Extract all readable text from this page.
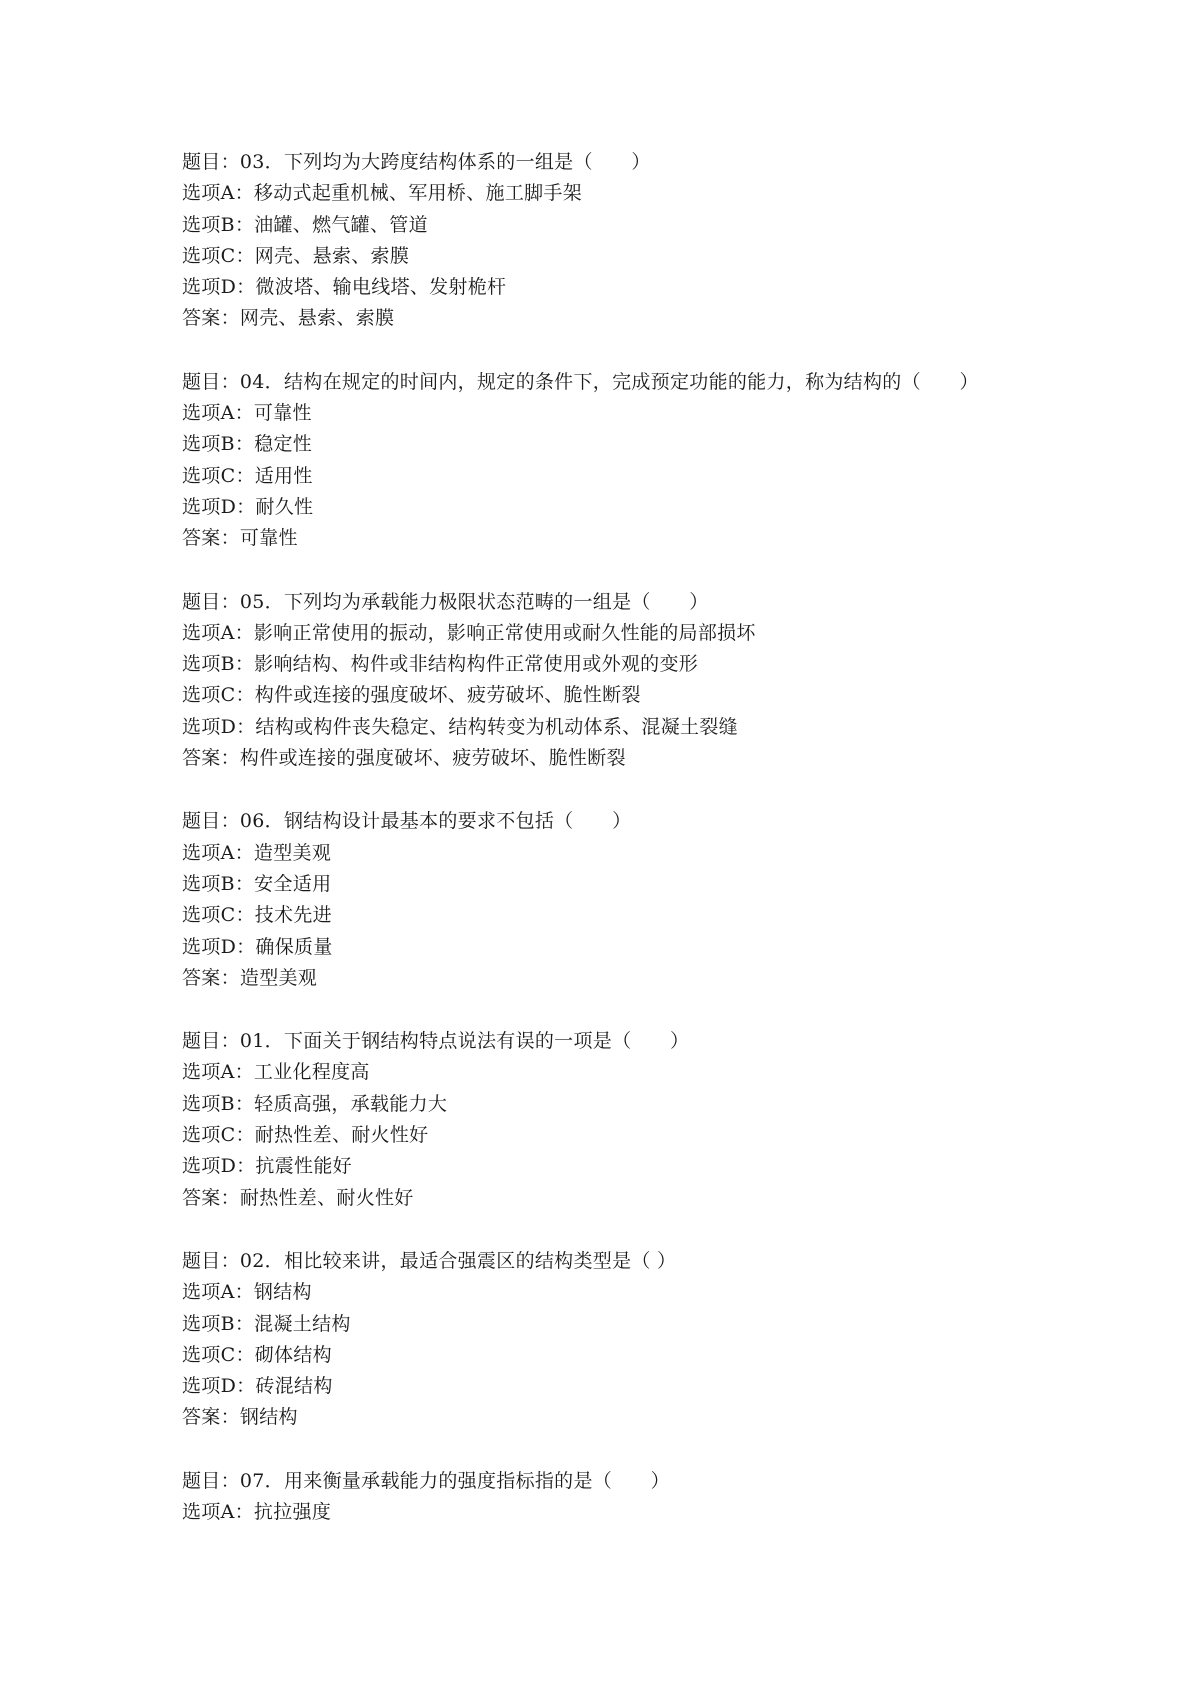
题目：03．下列均为大跨度结构体系的一组是（　　）
选项A：移动式起重机械、军用桥、施工脚手架
选项B：油罐、燃气罐、管道
选项C：网壳、悬索、索膜
选项D：微波塔、输电线塔、发射桅杆
答案：网壳、悬索、索膜
题目：04．结构在规定的时间内，规定的条件下，完成预定功能的能力，称为结构的（　　）
选项A：可靠性
选项B：稳定性
选项C：适用性
选项D：耐久性
答案：可靠性
题目：05．下列均为承载能力极限状态范畴的一组是（　　）
选项A：影响正常使用的振动，影响正常使用或耐久性能的局部损坏
选项B：影响结构、构件或非结构构件正常使用或外观的变形
选项C：构件或连接的强度破坏、疲劳破坏、脆性断裂
选项D：结构或构件丧失稳定、结构转变为机动体系、混凝土裂缝
答案：构件或连接的强度破坏、疲劳破坏、脆性断裂
题目：06．钢结构设计最基本的要求不包括（　　）
选项A：造型美观
选项B：安全适用
选项C：技术先进
选项D：确保质量
答案：造型美观
题目：01．下面关于钢结构特点说法有误的一项是（　　）
选项A：工业化程度高
选项B：轻质高强，承载能力大
选项C：耐热性差、耐火性好
选项D：抗震性能好
答案：耐热性差、耐火性好
题目：02．相比较来讲，最适合强震区的结构类型是（ ）
选项A：钢结构
选项B：混凝土结构
选项C：砌体结构
选项D：砖混结构
答案：钢结构
题目：07．用来衡量承载能力的强度指标指的是（　　）
选项A：抗拉强度
